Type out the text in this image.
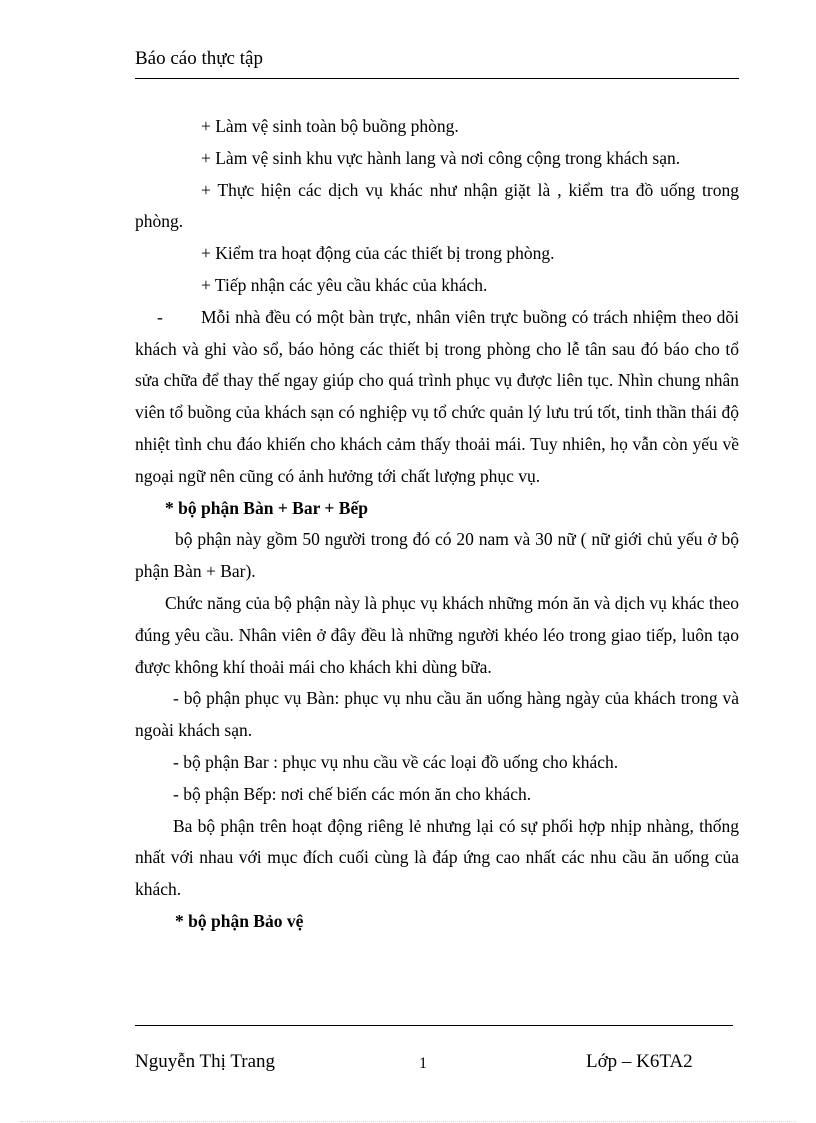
Báo cáo thực tập

+ Làm vệ sinh toàn bộ buồng phòng.

+ Làm vệ sinh khu vực hành lang và nơi công cộng trong khách sạn.

+ Thực hiện các dịch vụ khác như nhận giặt là , kiểm tra đồ uống trong phòng.

+ Kiểm tra hoạt động của các thiết bị trong phòng.

+ Tiếp nhận các yêu cầu khác của khách.

- Mỗi nhà đều có một bàn trực, nhân viên trực buồng có trách nhiệm theo dõi khách và ghi vào sổ, báo hỏng các thiết bị trong phòng cho lễ tân sau đó báo cho tổ sửa chữa để thay thế ngay giúp cho quá trình phục vụ được liên tục. Nhìn chung nhân viên tổ buồng của khách sạn có nghiệp vụ tổ chức quản lý lưu trú tốt, tinh thần thái độ nhiệt tình chu đáo khiến cho khách cảm thấy thoải mái. Tuy nhiên, họ vẫn còn yếu về ngoại ngữ nên cũng có ảnh hưởng tới chất lượng phục vụ.

* bộ phận Bàn + Bar + Bếp

bộ phận này gồm 50 người trong đó có 20 nam và 30 nữ ( nữ giới chủ yếu ở bộ phận Bàn + Bar).

Chức năng của bộ phận này là phục vụ khách những món ăn và dịch vụ khác theo đúng yêu cầu. Nhân viên ở đây đều là những người khéo léo trong giao tiếp, luôn tạo được không khí thoải mái cho khách khi dùng bữa.

- bộ phận phục vụ Bàn: phục vụ nhu cầu ăn uống hàng ngày của khách trong và ngoài khách sạn.

- bộ phận Bar : phục vụ nhu cầu về các loại đồ uống cho khách.

- bộ phận Bếp: nơi chế biến các món ăn cho khách.

Ba bộ phận trên hoạt động riêng lẻ nhưng lại có sự phối hợp nhịp nhàng, thống nhất với nhau với mục đích cuối cùng là đáp ứng cao nhất các nhu cầu ăn uống của khách.

* bộ phận Bảo vệ

Nguyễn Thị Trang	1	Lớp – K6TA2
